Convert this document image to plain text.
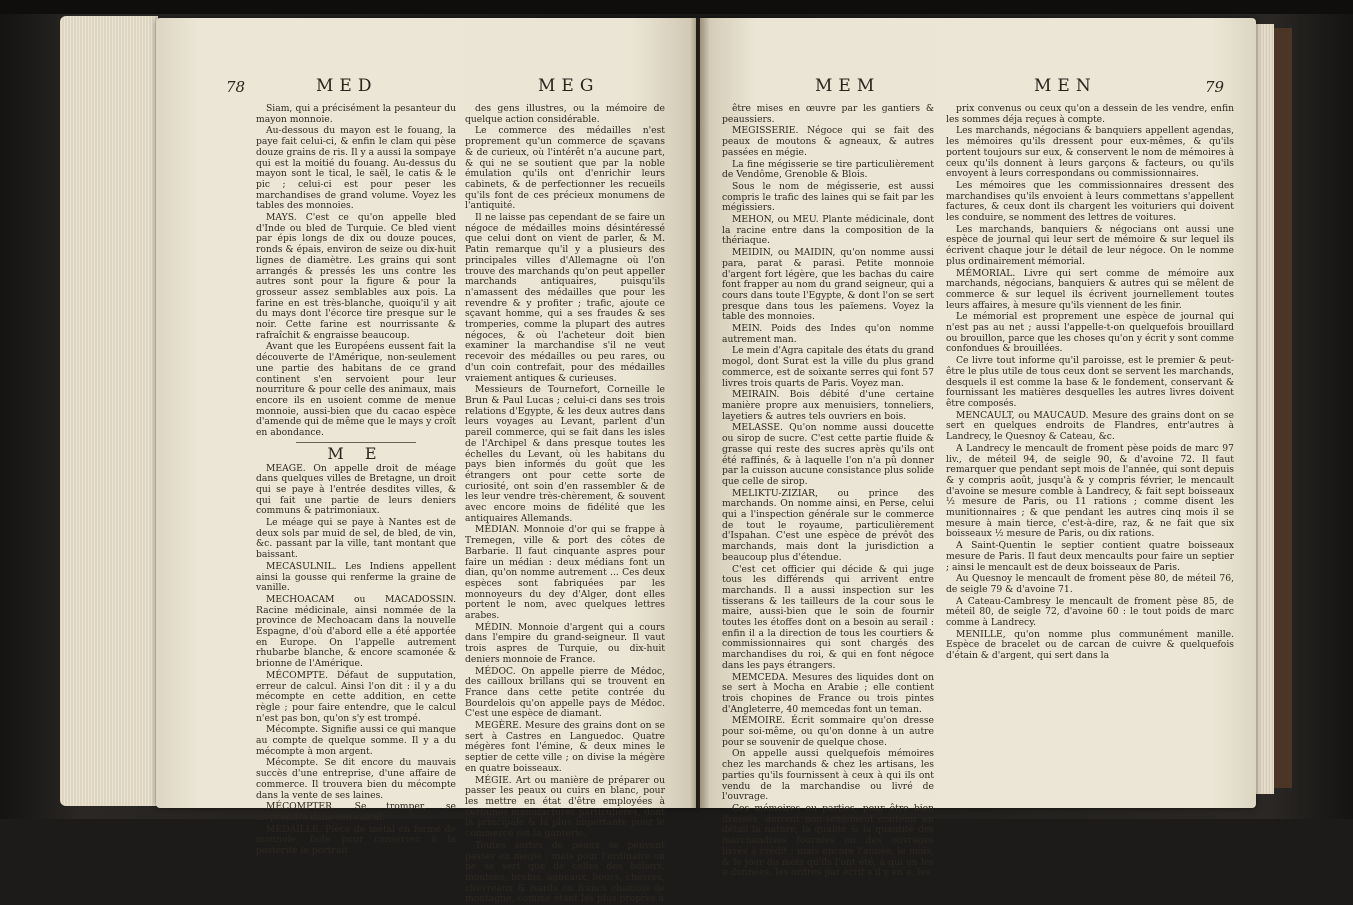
78	MED	MEG

Siam, qui a précisément la pesanteur du mayon monnoie.

Au-dessous du mayon est le fouang, la paye fait celui-ci, & enfin le clam qui pèse douze grains de ris. Il y a aussi la sompaye qui est la moitié du fouang. Au-dessus du mayon sont le tical, le saël, le catis & le pic ; celui-ci est pour peser les marchandises de grand volume. Voyez les tables des monnoies.

MAYS. C'est ce qu'on appelle bled d'Inde ou bled de Turquie. Ce bled vient par épis longs de dix ou douze pouces, ronds & épais, environ de seize ou dix-huit lignes de diamètre. Les grains qui sont arrangés & pressés les uns contre les autres sont pour la figure & pour la grosseur assez semblables aux pois. La farine en est très-blanche, quoiqu'il y ait du mays dont l'écorce tire presque sur le noir. Cette farine est nourrissante & rafraîchit & engraisse beaucoup.

Avant que les Européens eussent fait la découverte de l'Amérique, non-seulement une partie des habitans de ce grand continent s'en servoient pour leur nourriture & pour celle des animaux, mais encore ils en usoient comme de menue monnoie, aussi-bien que du cacao espèce d'amende qui de même que le mays y croît en abondance.

M E

MEAGE. On appelle droit de méage dans quelques villes de Bretagne, un droit qui se paye à l'entrée desdites villes, & qui fait une partie de leurs deniers communs & patrimoniaux.

Le méage qui se paye à Nantes est de deux sols par muid de sel, de bled, de vin, &c. passant par la ville, tant montant que baissant.

MECASULNIL. Les Indiens appellent ainsi la gousse qui renferme la graine de vanille.

MECHOACAM ou MACADOSSIN. Racine médicinale, ainsi nommée de la province de Mechoacam dans la nouvelle Espagne, d'où d'abord elle a été apportée en Europe. On l'appelle autrement rhubarbe blanche, & encore scamonée & brionne de l'Amérique.

MÉCOMPTE. Défaut de supputation, erreur de calcul. Ainsi l'on dit : il y a du mécompte en cette addition, en cette règle ; pour faire entendre, que le calcul n'est pas bon, qu'on s'y est trompé.

Mécompte. Signifie aussi ce qui manque au compte de quelque somme. Il y a du mécompte à mon argent.

Mécompte. Se dit encore du mauvais succès d'une entreprise, d'une affaire de commerce. Il trouvera bien du mécompte dans la vente de ses laines.

MÉCOMPTER. Se tromper, se méprendre dans son calcul.

MÉDAILLE. Pièce de métal en forme de monnoie, faite pour conserver à la postérité le portrait

des gens illustres, ou la mémoire de quelque action considérable.

Le commerce des médailles n'est proprement qu'un commerce de sçavans & de curieux, où l'intérêt n'a aucune part, & qui ne se soutient que par la noble émulation qu'ils ont d'enrichir leurs cabinets, & de perfectionner les recueils qu'ils font de ces précieux monumens de l'antiquité.

Il ne laisse pas cependant de se faire un négoce de médailles moins désintéressé que celui dont on vient de parler, & M. Patin remarque qu'il y a plusieurs des principales villes d'Allemagne où l'on trouve des marchands qu'on peut appeller marchands antiquaires, puisqu'ils n'amassent des médailles que pour les revendre & y profiter ; trafic, ajoute ce sçavant homme, qui a ses fraudes & ses tromperies, comme la plupart des autres négoces, & où l'acheteur doit bien examiner la marchandise s'il ne veut recevoir des médailles ou peu rares, ou d'un coin contrefait, pour des médailles vraiement antiques & curieuses.

Messieurs de Tournefort, Corneille le Brun & Paul Lucas ; celui-ci dans ses trois relations d'Egypte, & les deux autres dans leurs voyages au Levant, parlent d'un pareil commerce, qui se fait dans les isles de l'Archipel & dans presque toutes les échelles du Levant, où les habitans du pays bien informés du goût que les étrangers ont pour cette sorte de curiosité, ont soin d'en rassembler & de les leur vendre très-chèrement, & souvent avec encore moins de fidélité que les antiquaires Allemands.

MÉDIAN. Monnoie d'or qui se frappe à Tremegen, ville & port des côtes de Barbarie. Il faut cinquante aspres pour faire un médian : deux médians font un dian, qu'on nomme autrement ... Ces deux espèces sont fabriquées par les monnoyeurs du dey d'Alger, dont elles portent le nom, avec quelques lettres arabes.

MÉDIN. Monnoie d'argent qui a cours dans l'empire du grand-seigneur. Il vaut trois aspres de Turquie, ou dix-huit deniers monnoie de France.

MÉDOC. On appelle pierre de Médoc, des cailloux brillans qui se trouvent en France dans cette petite contrée du Bourdelois qu'on appelle pays de Médoc. C'est une espèce de diamant.

MEGÈRE. Mesure des grains dont on se sert à Castres en Languedoc. Quatre mégères font l'émine, & deux mines le septier de cette ville ; on divise la mégère en quatre boisseaux.

MÉGIE. Art ou manière de préparer ou passer les peaux ou cuirs en blanc, pour les mettre en état d'être employées à certaines manufactures particulières, dont la principale & la plus importante pour le commerce est la ganterie.

Toutes sortes de peaux se peuvent passer en mégie ; mais pour l'ordinaire on ne se sert que de celles des béliers, moutons, brebis, agneaux, boucs, chèvres, chevreaux & isards ou francs chamois de montagne, comme étant les plus propres à

MEM	MEN	79

être mises en œuvre par les gantiers & peaussiers.

MEGISSERIE. Négoce qui se fait des peaux de moutons & agneaux, & autres passées en mégie.

La fine mégisserie se tire particulièrement de Vendôme, Grenoble & Blois.

Sous le nom de mégisserie, est aussi compris le trafic des laines qui se fait par les mégissiers.

MEHON, ou MEU. Plante médicinale, dont la racine entre dans la composition de la thériaque.

MEIDIN, ou MAIDIN, qu'on nomme aussi para, parat & parasi. Petite monnoie d'argent fort légère, que les bachas du caire font frapper au nom du grand seigneur, qui a cours dans toute l'Egypte, & dont l'on se sert presque dans tous les païemens. Voyez la table des monnoies.

MEIN. Poids des Indes qu'on nomme autrement man.

Le mein d'Agra capitale des états du grand mogol, dont Surat est la ville du plus grand commerce, est de soixante serres qui font 57 livres trois quarts de Paris. Voyez man.

MEIRAIN. Bois débité d'une certaine manière propre aux menuisiers, tonneliers, layetiers & autres tels ouvriers en bois.

MELASSE. Qu'on nomme aussi doucette ou sirop de sucre. C'est cette partie fluide & grasse qui reste des sucres après qu'ils ont été raffinés, & à laquelle l'on n'a pû donner par la cuisson aucune consistance plus solide que celle de sirop.

MELIKTU-ZIZIAR, ou prince des marchands. On nomme ainsi, en Perse, celui qui a l'inspection générale sur le commerce de tout le royaume, particulièrement d'Ispahan. C'est une espèce de prévôt des marchands, mais dont la jurisdiction a beaucoup plus d'étendue.

C'est cet officier qui décide & qui juge tous les différends qui arrivent entre marchands. Il a aussi inspection sur les tisserans & les tailleurs de la cour sous le maire, aussi-bien que le soin de fournir toutes les étoffes dont on a besoin au serail : enfin il a la direction de tous les courtiers & commissionnaires qui sont chargés des marchandises du roi, & qui en font négoce dans les pays étrangers.

MEMCEDA. Mesures des liquides dont on se sert à Mocha en Arabie ; elle contient trois chopines de France ou trois pintes d'Angleterre, 40 memcedas font un teman.

MÉMOIRE. Écrit sommaire qu'on dresse pour soi-même, ou qu'on donne à un autre pour se souvenir de quelque chose.

On appelle aussi quelquefois mémoires chez les marchands & chez les artisans, les parties qu'ils fournissent à ceux à qui ils ont vendu de la marchandise ou livré de l'ouvrage.

Ces mémoires ou parties, pour être bien dressés, doivent non-seulement contenir en détail la nature, la qualité & la quantité des marchandises fournies ou des ouvrages livrés à crédit ; mais encore l'année, le mois, & le jour du mois qu'ils l'ont été, à qui on les a données, les ordres par écrit s'il y en a, les

prix convenus ou ceux qu'on a dessein de les vendre, enfin les sommes déja reçues à compte.

Les marchands, négocians & banquiers appellent agendas, les mémoires qu'ils dressent pour eux-mêmes, & qu'ils portent toujours sur eux, & conservent le nom de mémoires à ceux qu'ils donnent à leurs garçons & facteurs, ou qu'ils envoyent à leurs correspondans ou commissionnaires.

Les mémoires que les commissionnaires dressent des marchandises qu'ils envoient à leurs commettans s'appellent factures, & ceux dont ils chargent les voituriers qui doivent les conduire, se nomment des lettres de voitures.

Les marchands, banquiers & négocians ont aussi une espèce de journal qui leur sert de mémoire & sur lequel ils écrivent chaque jour le détail de leur négoce. On le nomme plus ordinairement mémorial.

MÉMORIAL. Livre qui sert comme de mémoire aux marchands, négocians, banquiers & autres qui se mêlent de commerce & sur lequel ils écrivent journellement toutes leurs affaires, à mesure qu'ils viennent de les finir.

Le mémorial est proprement une espèce de journal qui n'est pas au net ; aussi l'appelle-t-on quelquefois brouillard ou brouillon, parce que les choses qu'on y écrit y sont comme confondues & brouillées.

Ce livre tout informe qu'il paroisse, est le premier & peut-être le plus utile de tous ceux dont se servent les marchands, desquels il est comme la base & le fondement, conservant & fournissant les matières desquelles les autres livres doivent être composés.

MENCAULT, ou MAUCAUD. Mesure des grains dont on se sert en quelques endroits de Flandres, entr'autres à Landrecy, le Quesnoy & Cateau, &c.

A Landrecy le mencault de froment pèse poids de marc 97 liv., de méteil 94, de seigle 90, & d'avoine 72. Il faut remarquer que pendant sept mois de l'année, qui sont depuis & y compris août, jusqu'à & y compris février, le mencault d'avoine se mesure comble à Landrecy, & fait sept boisseaux ½ mesure de Paris, ou 11 rations ; comme disent les munitionnaires ; & que pendant les autres cinq mois il se mesure à main tierce, c'est-à-dire, raz, & ne fait que six boisseaux ½ mesure de Paris, ou dix rations.

A Saint-Quentin le septier contient quatre boisseaux mesure de Paris. Il faut deux mencaults pour faire un septier ; ainsi le mencault est de deux boisseaux de Paris.

Au Quesnoy le mencault de froment pèse 80, de méteil 76, de seigle 79 & d'avoine 71.

A Cateau-Cambresy le mencault de froment pèse 85, de méteil 80, de seigle 72, d'avoine 60 : le tout poids de marc comme à Landrecy.

MENILLE, qu'on nomme plus communément manille. Espèce de bracelet ou de carcan de cuivre & quelquefois d'étain & d'argent, qui sert dans la
